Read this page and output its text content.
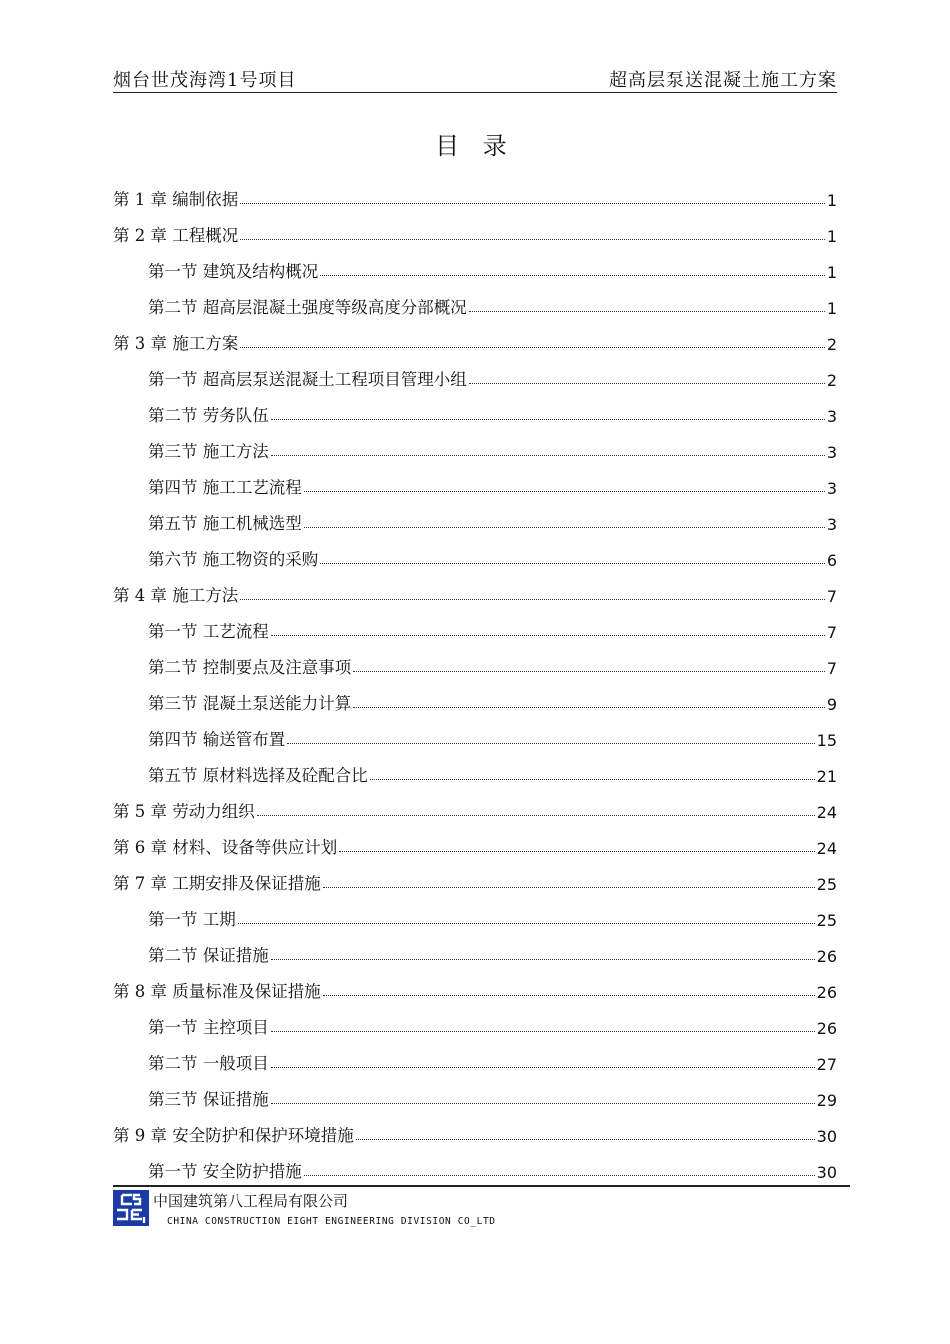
烟台世茂海湾1号项目	超高层泵送混凝土施工方案
目 录
第 1 章 编制依据	1
第 2 章 工程概况	1
第一节 建筑及结构概况	1
第二节 超高层混凝土强度等级高度分部概况	1
第 3 章 施工方案	2
第一节 超高层泵送混凝土工程项目管理小组	2
第二节 劳务队伍	3
第三节 施工方法	3
第四节 施工工艺流程	3
第五节 施工机械选型	3
第六节 施工物资的采购	6
第 4 章 施工方法	7
第一节 工艺流程	7
第二节 控制要点及注意事项	7
第三节 混凝土泵送能力计算	9
第四节 输送管布置	15
第五节 原材料选择及砼配合比	21
第 5 章 劳动力组织	24
第 6 章 材料、设备等供应计划	24
第 7 章 工期安排及保证措施	25
第一节 工期	25
第二节 保证措施	26
第 8 章 质量标准及保证措施	26
第一节 主控项目	26
第二节 一般项目	27
第三节 保证措施	29
第 9 章 安全防护和保护环境措施	30
第一节 安全防护措施	30
中国建筑第八工程局有限公司
CHINA CONSTRUCTION EIGHT ENGINEERING DIVISION CO_LTD
